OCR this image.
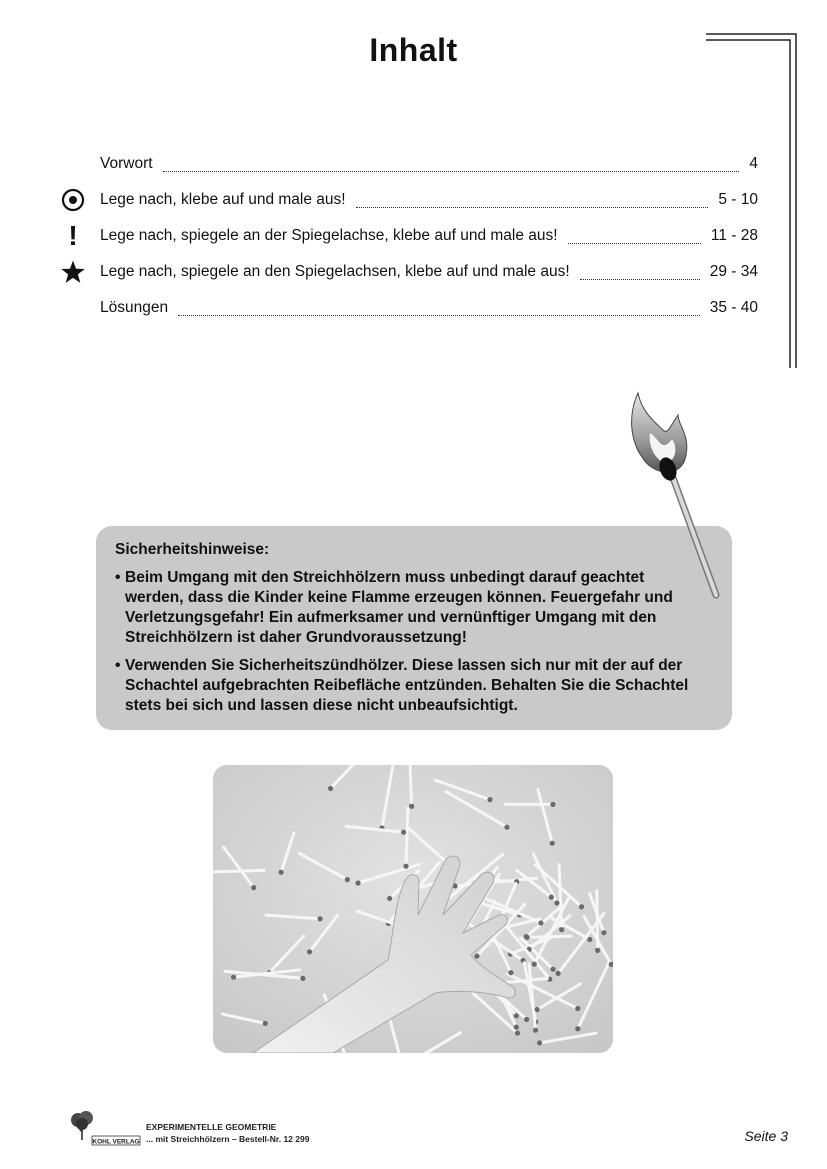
Inhalt
Vorwort	4
Lege nach, klebe auf und male aus!	5 - 10
! Lege nach, spiegele an der Spiegelachse, klebe auf und male aus!	11 - 28
Lege nach, spiegele an den Spiegelachsen, klebe auf und male aus!	29 - 34
Lösungen	35 - 40
Sicherheitshinweise:
• Beim Umgang mit den Streichhölzern muss unbedingt darauf geachtet werden, dass die Kinder keine Flamme erzeugen können. Feuergefahr und Verletzungsgefahr! Ein aufmerksamer und vernünftiger Umgang mit den Streichhölzern ist daher Grundvoraussetzung!
• Verwenden Sie Sicherheitszündhölzer. Diese lassen sich nur mit der auf der Schachtel aufgebrachten Reibefläche entzünden. Behalten Sie die Schachtel stets bei sich und lassen diese nicht unbeaufsichtigt.
KOHL VERLAG
EXPERIMENTELLE GEOMETRIE
... mit Streichhölzern – Bestell-Nr. 12 299	Seite 3
